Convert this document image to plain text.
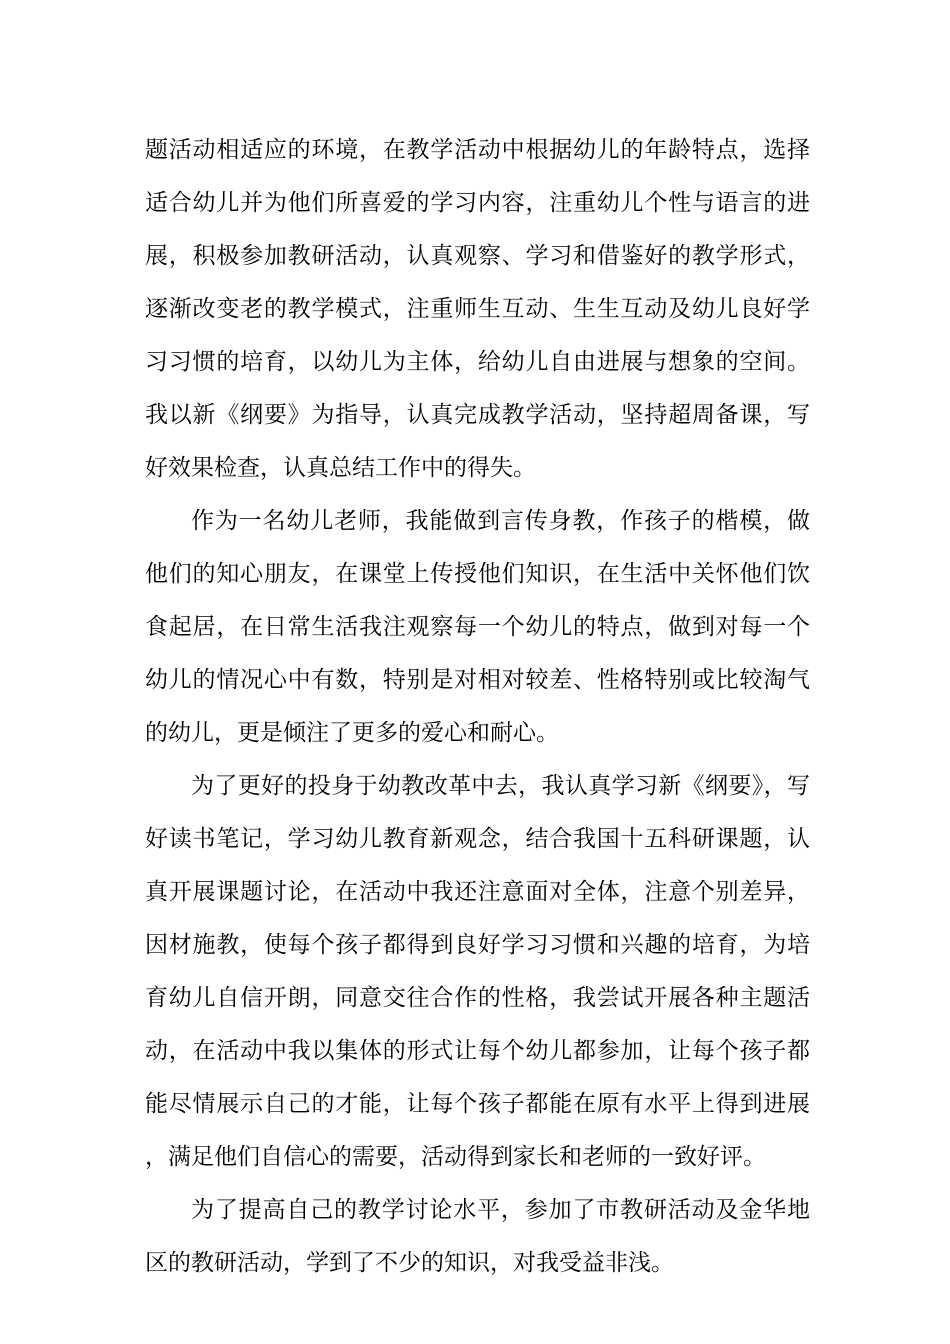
题活动相适应的环境，在教学活动中根据幼儿的年龄特点，选择适合幼儿并为他们所喜爱的学习内容，注重幼儿个性与语言的进展，积极参加教研活动，认真观察、学习和借鉴好的教学形式，逐渐改变老的教学模式，注重师生互动、生生互动及幼儿良好学习习惯的培育，以幼儿为主体，给幼儿自由进展与想象的空间。我以新《纲要》为指导，认真完成教学活动，坚持超周备课，写好效果检查，认真总结工作中的得失。

作为一名幼儿老师，我能做到言传身教，作孩子的楷模，做他们的知心朋友，在课堂上传授他们知识，在生活中关怀他们饮食起居，在日常生活我注观察每一个幼儿的特点，做到对每一个幼儿的情况心中有数，特别是对相对较差、性格特别或比较淘气的幼儿，更是倾注了更多的爱心和耐心。

为了更好的投身于幼教改革中去，我认真学习新《纲要》，写好读书笔记，学习幼儿教育新观念，结合我国十五科研课题，认真开展课题讨论，在活动中我还注意面对全体，注意个别差异，因材施教，使每个孩子都得到良好学习习惯和兴趣的培育，为培育幼儿自信开朗，同意交往合作的性格，我尝试开展各种主题活动，在活动中我以集体的形式让每个幼儿都参加，让每个孩子都能尽情展示自己的才能，让每个孩子都能在原有水平上得到进展，满足他们自信心的需要，活动得到家长和老师的一致好评。

为了提高自己的教学讨论水平，参加了市教研活动及金华地区的教研活动，学到了不少的知识，对我受益非浅。
